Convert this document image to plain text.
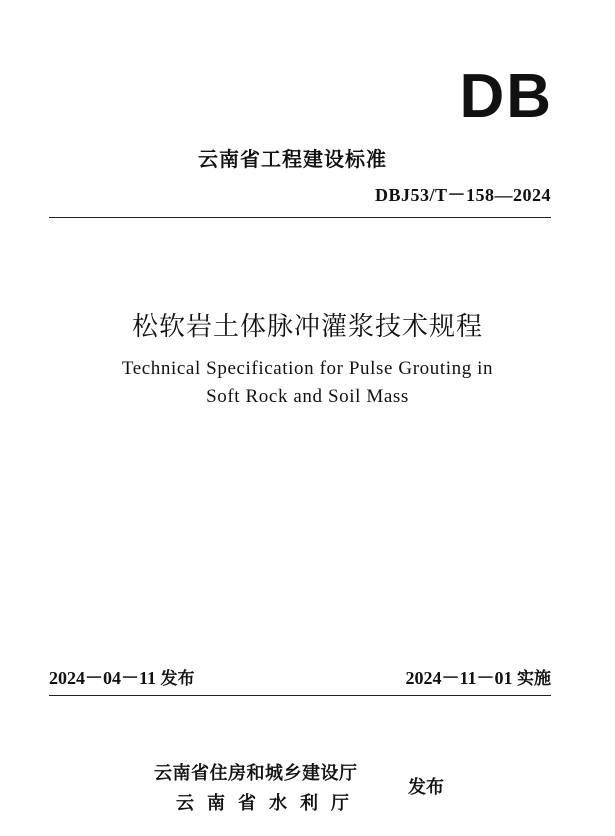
DB
云南省工程建设标准
DBJ53/T－158—2024
松软岩土体脉冲灌浆技术规程
Technical Specification for Pulse Grouting in
Soft Rock and Soil Mass
2024－04－11 发布	2024－11－01 实施
云南省住房和城乡建设厅
云南省水利厅
发布
